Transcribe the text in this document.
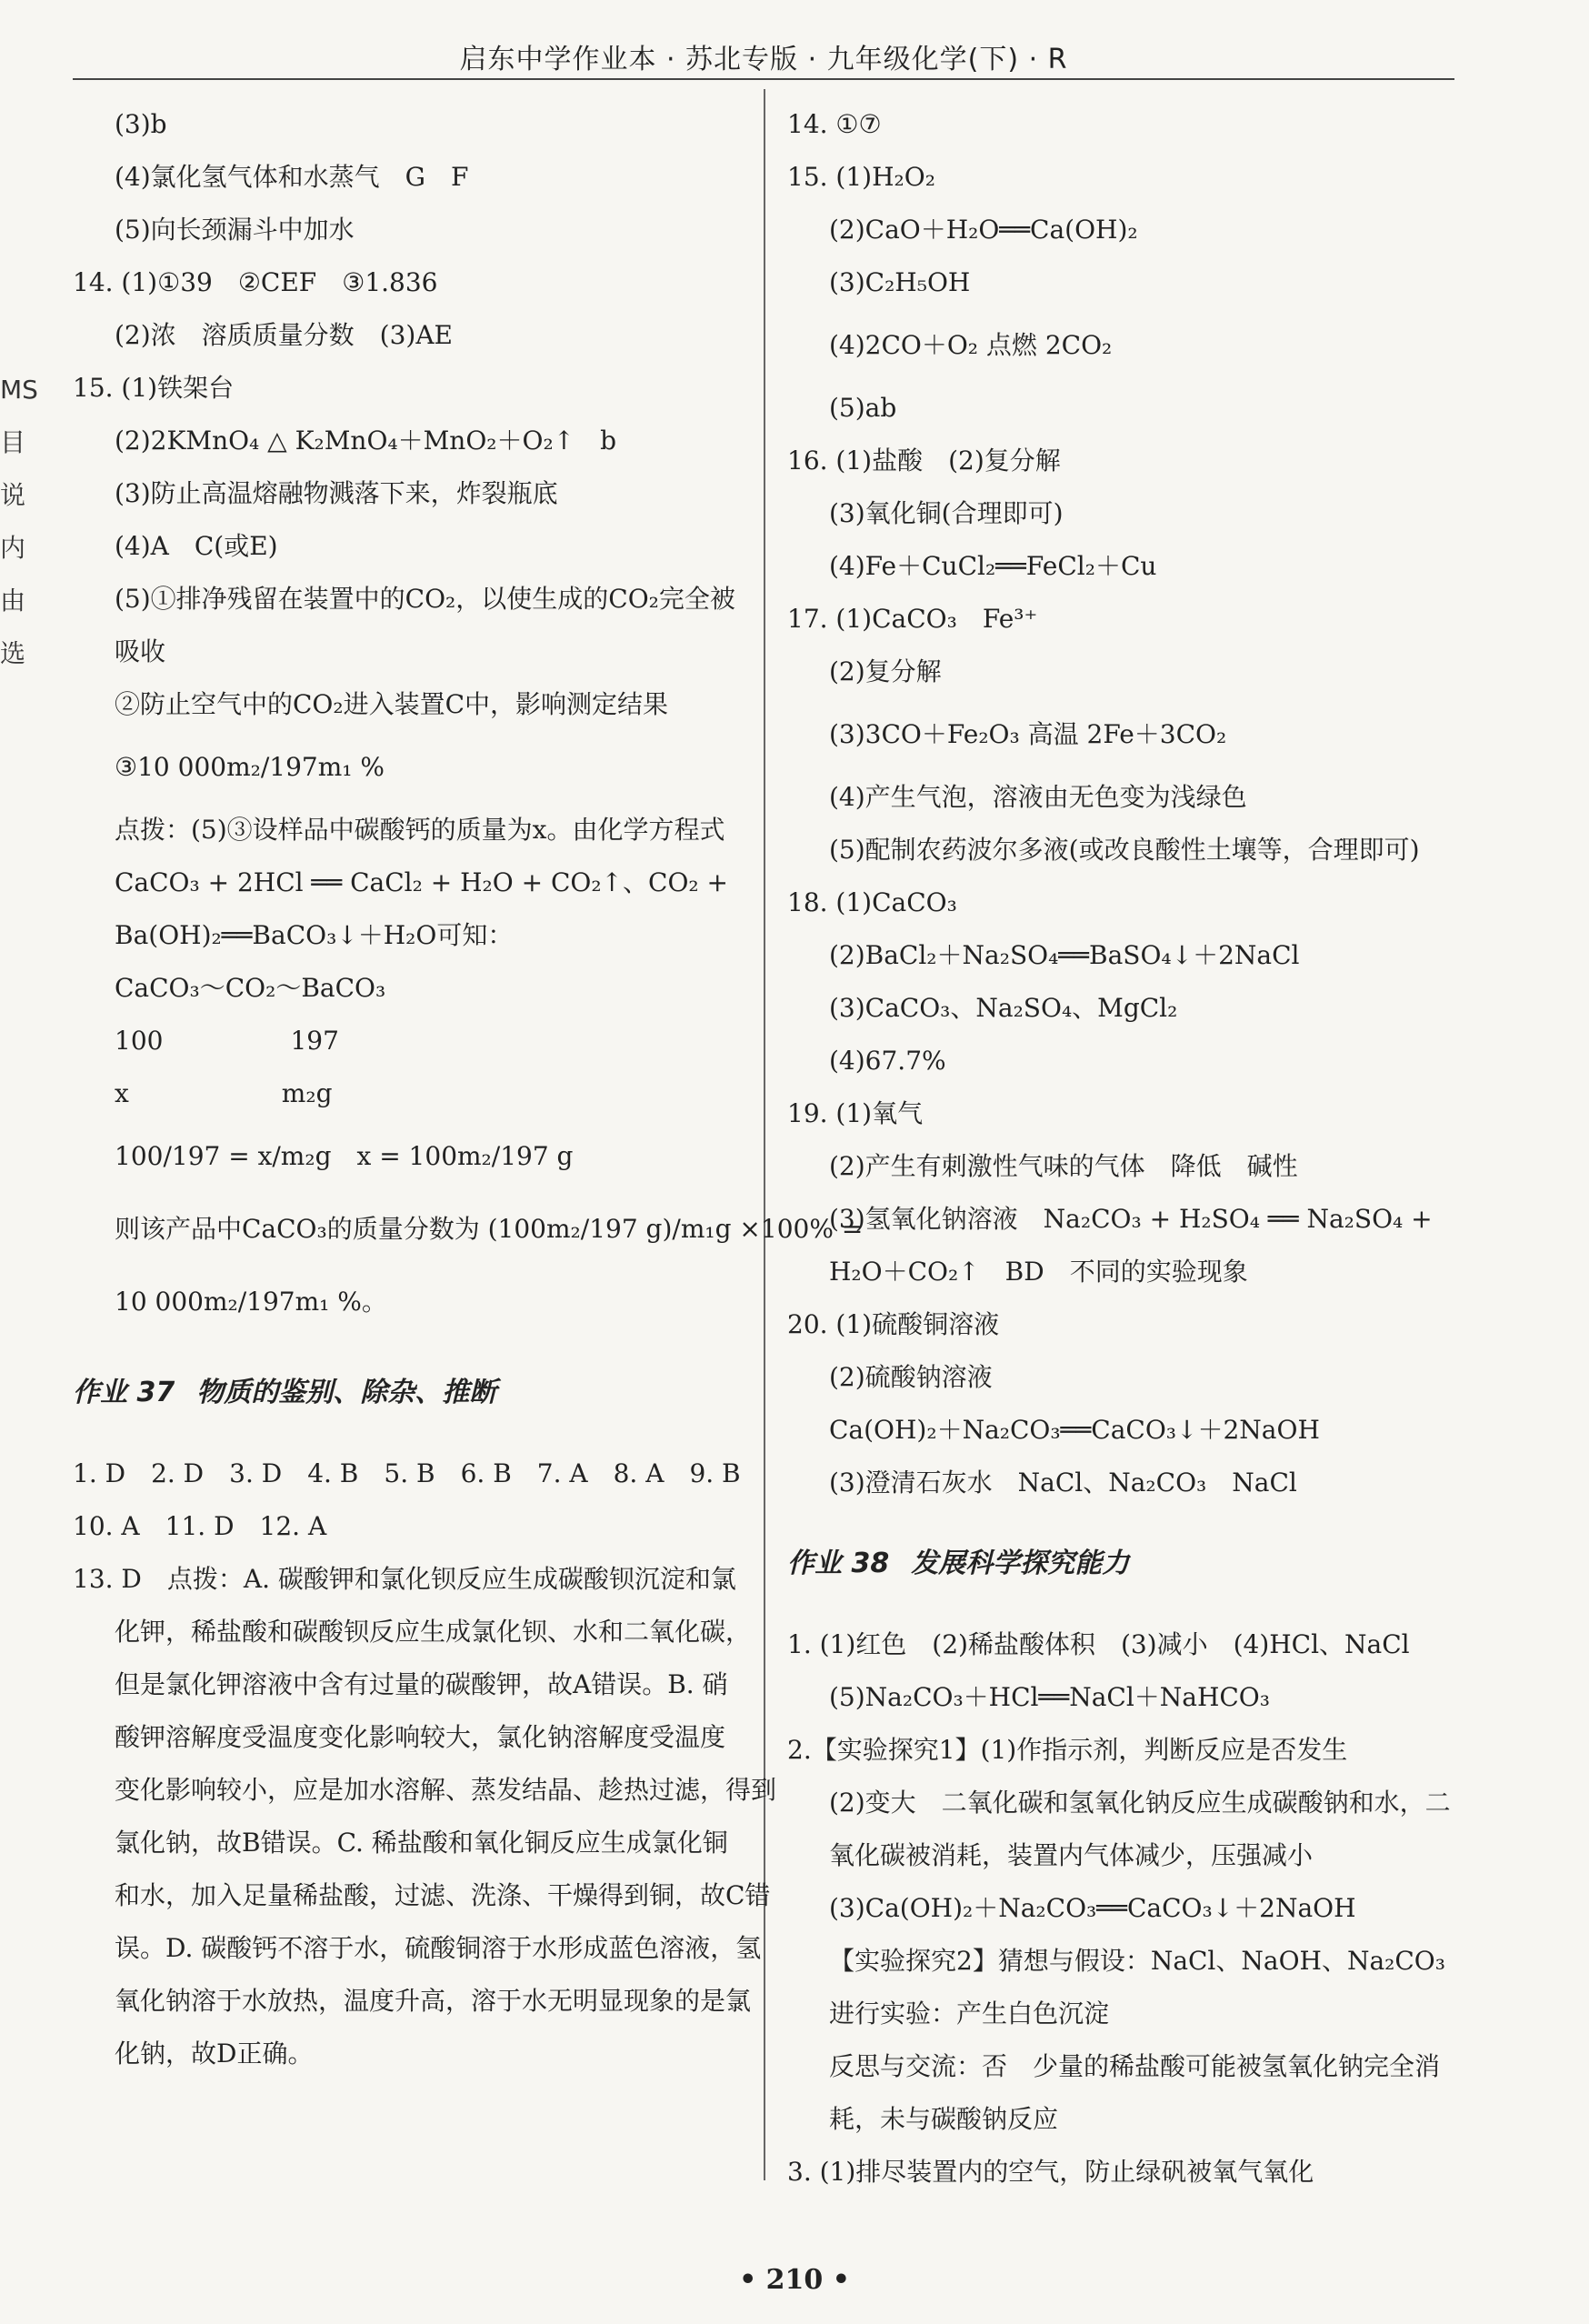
启东中学作业本 · 苏北专版 · 九年级化学(下) · R
MS
目
说
内
由
选
(3)b
(4)氯化氢气体和水蒸气　G　F
(5)向长颈漏斗中加水
14. (1)①39　②CEF　③1.836
(2)浓　溶质质量分数　(3)AE
15. (1)铁架台
(2)2KMnO₄ △ K₂MnO₄＋MnO₂＋O₂↑　b
(3)防止高温熔融物溅落下来，炸裂瓶底
(4)A　C(或E)
(5)①排净残留在装置中的CO₂，以使生成的CO₂完全被
吸收
②防止空气中的CO₂进入装置C中，影响测定结果
③10 000m₂/197m₁ %
点拨：(5)③设样品中碳酸钙的质量为x。由化学方程式
CaCO₃ + 2HCl ══ CaCl₂ + H₂O + CO₂↑、CO₂ +
Ba(OH)₂══BaCO₃↓＋H₂O可知：
CaCO₃～CO₂～BaCO₃
100　　　　　197
x　　　　　　m₂g
100/197 = x/m₂g　x = 100m₂/197 g
则该产品中CaCO₃的质量分数为 (100m₂/197 g)/m₁g ×100% =
10 000m₂/197m₁ %。
作业 37 物质的鉴别、除杂、推断
1. D　2. D　3. D　4. B　5. B　6. B　7. A　8. A　9. B
10. A　11. D　12. A
13. D　点拨：A. 碳酸钾和氯化钡反应生成碳酸钡沉淀和氯
化钾，稀盐酸和碳酸钡反应生成氯化钡、水和二氧化碳，
但是氯化钾溶液中含有过量的碳酸钾，故A错误。B. 硝
酸钾溶解度受温度变化影响较大，氯化钠溶解度受温度
变化影响较小，应是加水溶解、蒸发结晶、趁热过滤，得到
氯化钠，故B错误。C. 稀盐酸和氧化铜反应生成氯化铜
和水，加入足量稀盐酸，过滤、洗涤、干燥得到铜，故C错
误。D. 碳酸钙不溶于水，硫酸铜溶于水形成蓝色溶液，氢
氧化钠溶于水放热，温度升高，溶于水无明显现象的是氯
化钠，故D正确。
14. ①⑦
15. (1)H₂O₂
(2)CaO＋H₂O══Ca(OH)₂
(3)C₂H₅OH
(4)2CO＋O₂ 点燃 2CO₂
(5)ab
16. (1)盐酸　(2)复分解
(3)氧化铜(合理即可)
(4)Fe＋CuCl₂══FeCl₂＋Cu
17. (1)CaCO₃　Fe³⁺
(2)复分解
(3)3CO＋Fe₂O₃ 高温 2Fe＋3CO₂
(4)产生气泡，溶液由无色变为浅绿色
(5)配制农药波尔多液(或改良酸性土壤等，合理即可)
18. (1)CaCO₃
(2)BaCl₂＋Na₂SO₄══BaSO₄↓＋2NaCl
(3)CaCO₃、Na₂SO₄、MgCl₂
(4)67.7%
19. (1)氧气
(2)产生有刺激性气味的气体　降低　碱性
(3)氢氧化钠溶液　Na₂CO₃ + H₂SO₄ ══ Na₂SO₄ +
H₂O＋CO₂↑　BD　不同的实验现象
20. (1)硫酸铜溶液
(2)硫酸钠溶液
Ca(OH)₂＋Na₂CO₃══CaCO₃↓＋2NaOH
(3)澄清石灰水　NaCl、Na₂CO₃　NaCl
作业 38 发展科学探究能力
1. (1)红色　(2)稀盐酸体积　(3)减小　(4)HCl、NaCl
(5)Na₂CO₃＋HCl══NaCl＋NaHCO₃
2.【实验探究1】(1)作指示剂，判断反应是否发生
(2)变大　二氧化碳和氢氧化钠反应生成碳酸钠和水，二
氧化碳被消耗，装置内气体减少，压强减小
(3)Ca(OH)₂＋Na₂CO₃══CaCO₃↓＋2NaOH
【实验探究2】猜想与假设：NaCl、NaOH、Na₂CO₃
进行实验：产生白色沉淀
反思与交流：否　少量的稀盐酸可能被氢氧化钠完全消
耗，未与碳酸钠反应
3. (1)排尽装置内的空气，防止绿矾被氧气氧化
• 210 •
